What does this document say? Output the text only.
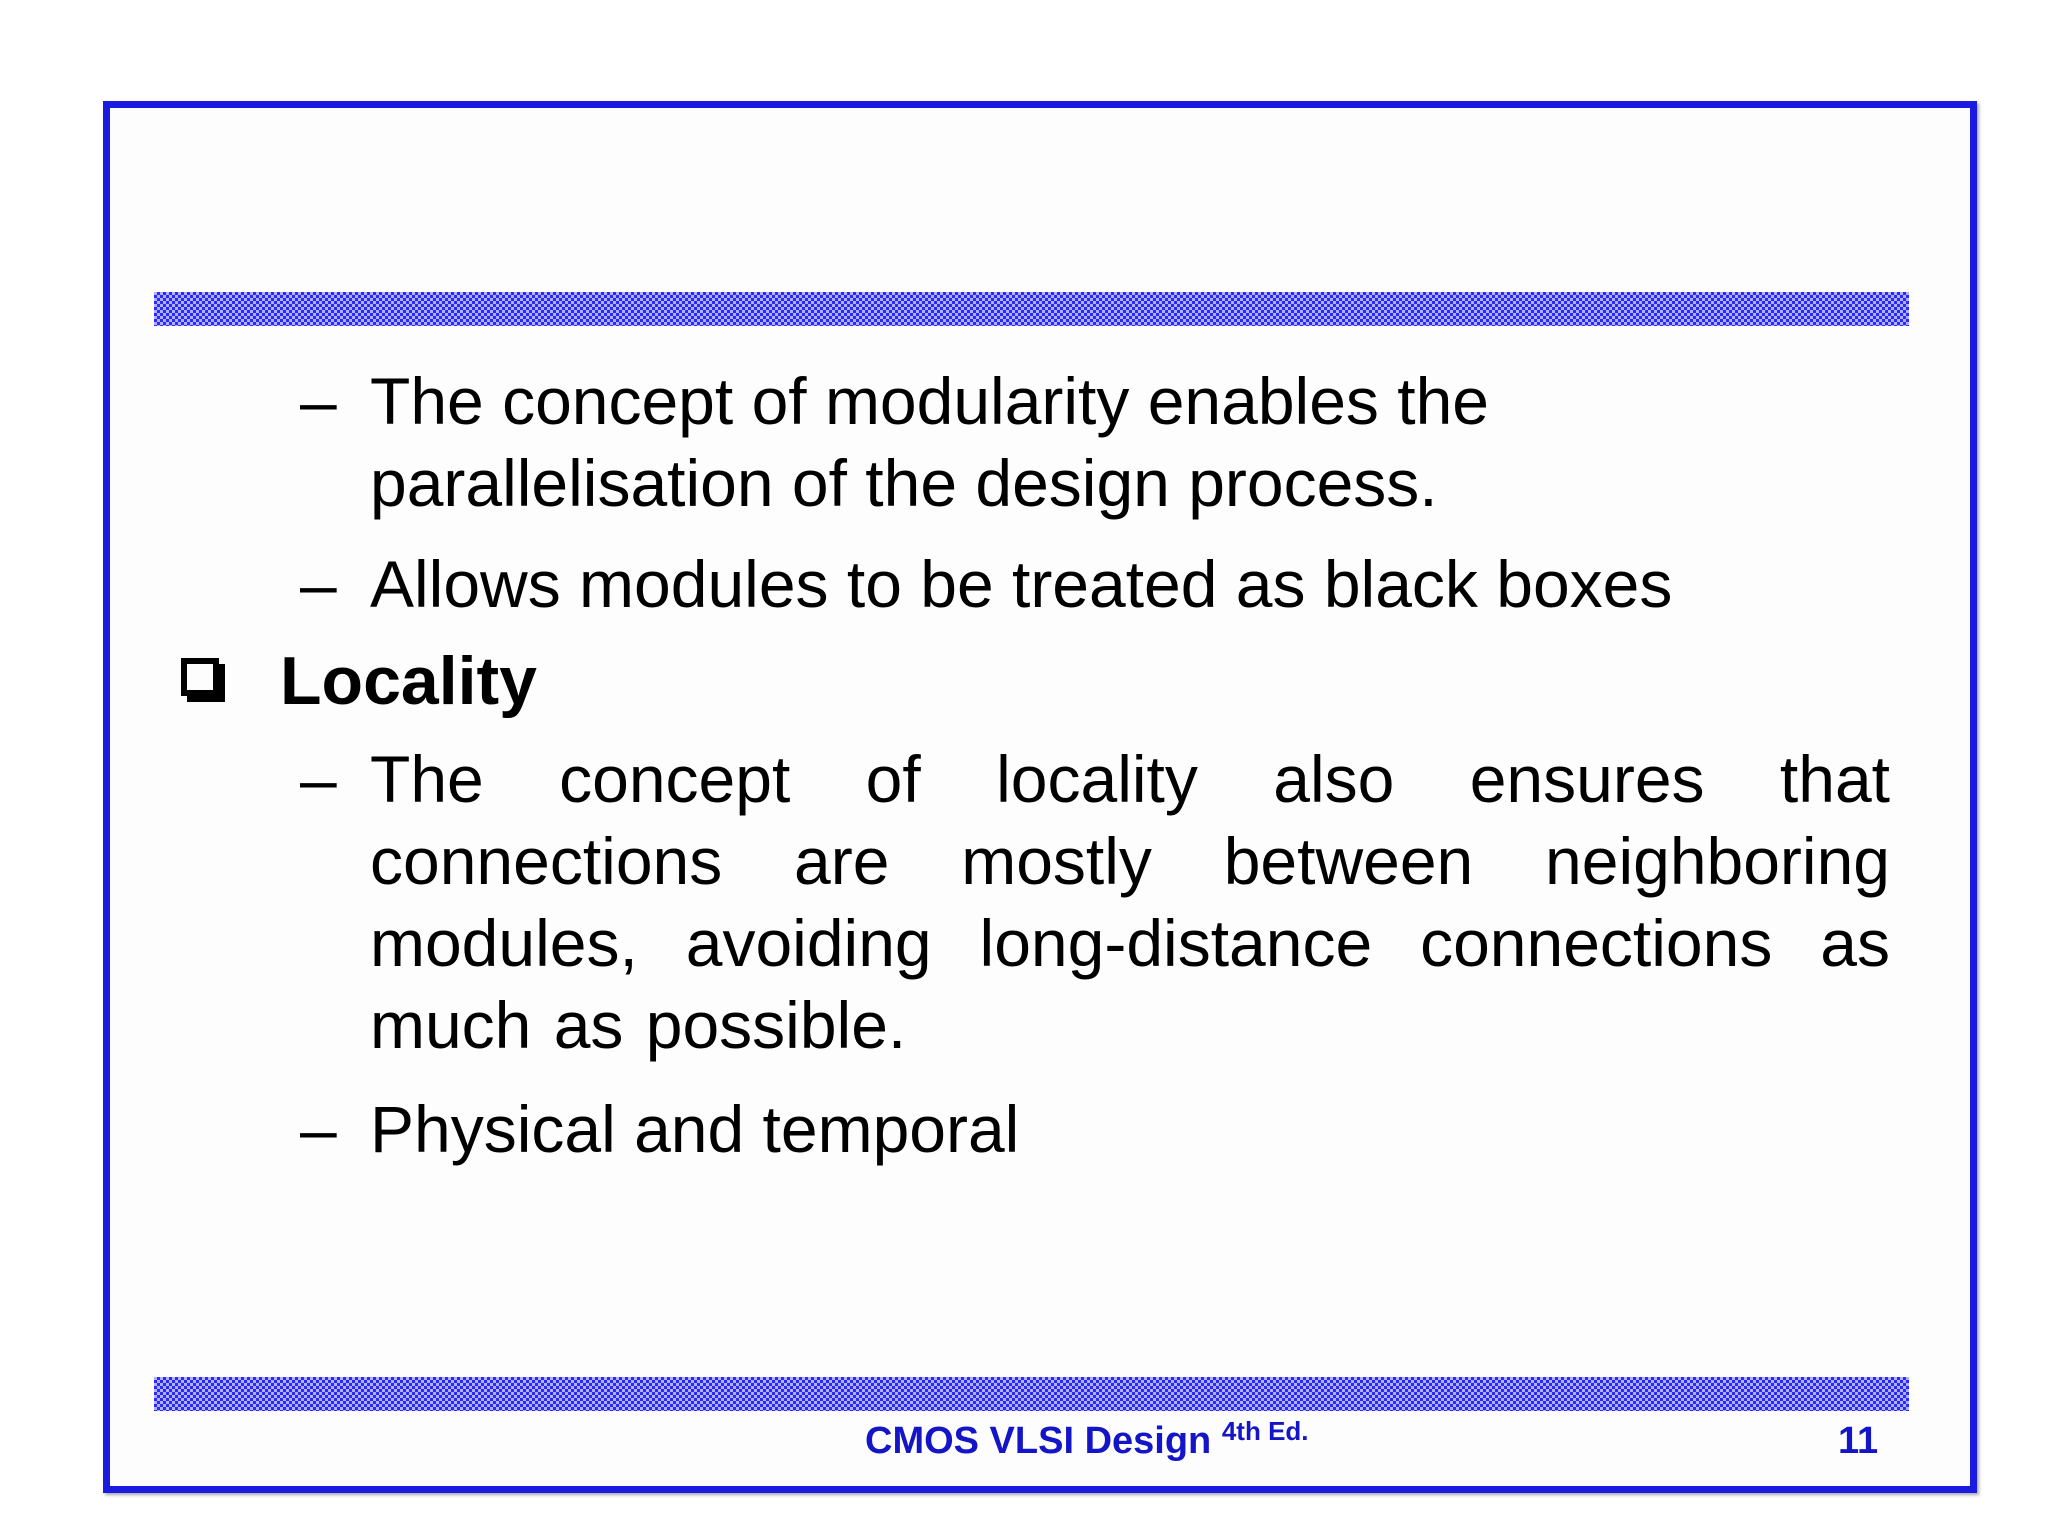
– The concept of modularity enables the parallelisation of the design process.
– Allows modules to be treated as black boxes
Locality
– The concept of locality also ensures that connections are mostly between neighboring modules, avoiding long-distance connections as much as possible.
– Physical and temporal
CMOS VLSI Design $^{4th Ed.}$	11
